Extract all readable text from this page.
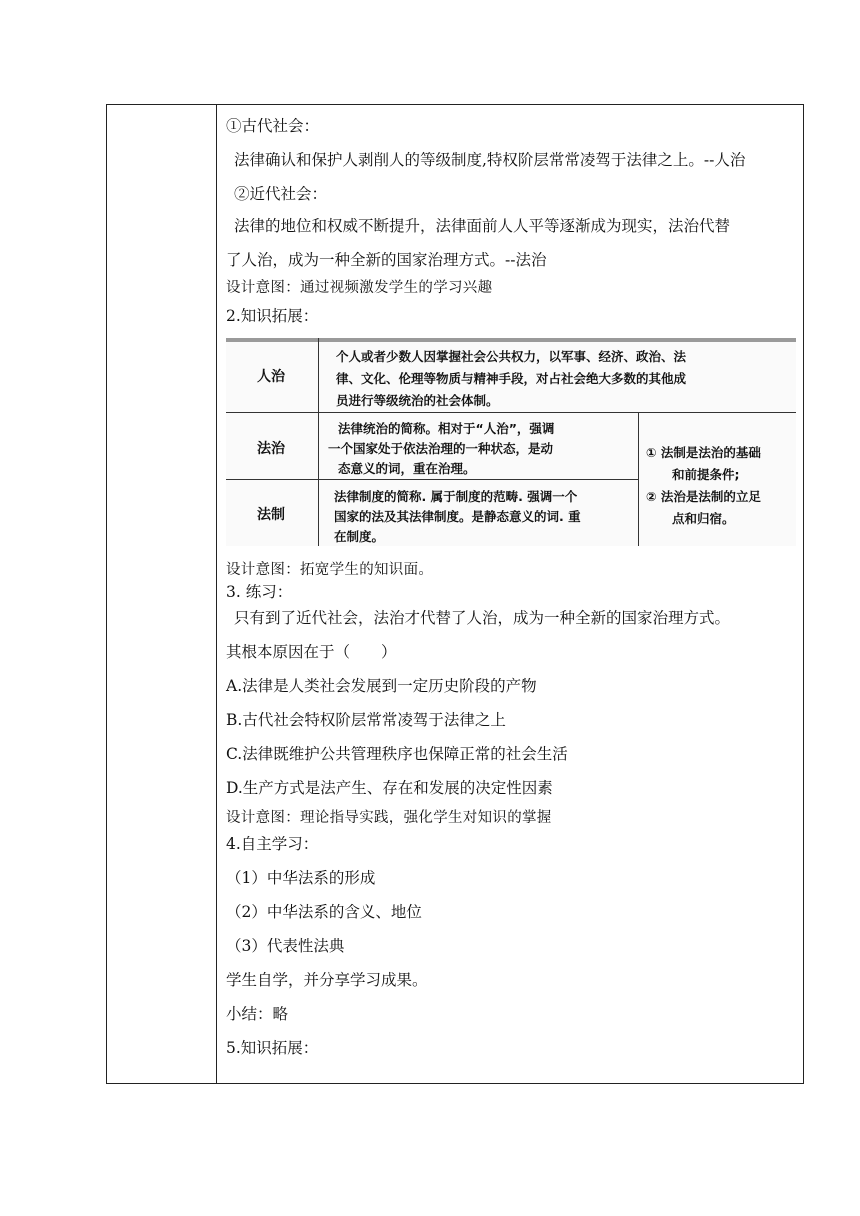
①古代社会：
法律确认和保护人剥削人的等级制度,特权阶层常常凌驾于法律之上。--人治
②近代社会：
法律的地位和权威不断提升，法律面前人人平等逐渐成为现实，法治代替
了人治，成为一种全新的国家治理方式。--法治
设计意图：通过视频激发学生的学习兴趣
2.知识拓展：
人治
个人或者少数人因掌握社会公共权力，以军事、经济、政治、法
律、文化、伦理等物质与精神手段，对占社会绝大多数的其他成
员进行等级统治的社会体制。
法治
法律统治的简称。相对于“人治”，强调
一个国家处于依法治理的一种状态，是动
态意义的词，重在治理。
法制
法律制度的简称. 属于制度的范畴. 强调一个
国家的法及其法律制度。是静态意义的词. 重
在制度。
① 法制是法治的基础
和前提条件;
② 法治是法制的立足
点和归宿。
设计意图：拓宽学生的知识面。
3. 练习：
只有到了近代社会，法治才代替了人治，成为一种全新的国家治理方式。
其根本原因在于（　　）
A.法律是人类社会发展到一定历史阶段的产物
B.古代社会特权阶层常常凌驾于法律之上
C.法律既维护公共管理秩序也保障正常的社会生活
D.生产方式是法产生、存在和发展的决定性因素
设计意图：理论指导实践，强化学生对知识的掌握
4.自主学习：
（1）中华法系的形成
（2）中华法系的含义、地位
（3）代表性法典
学生自学，并分享学习成果。
小结：略
5.知识拓展：
